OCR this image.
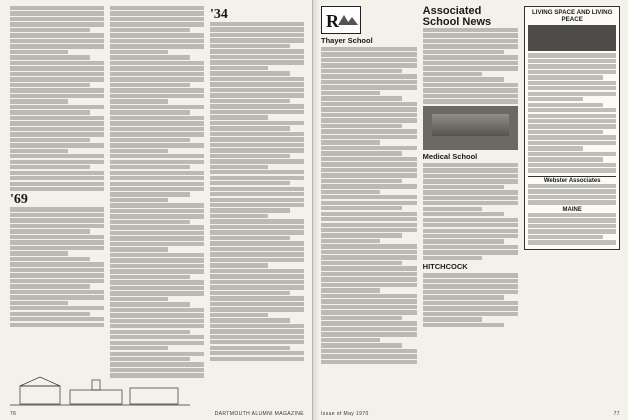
'69
'34
76	DARTMOUTH ALUMNI MAGAZINE
R
Thayer School
Associated
School News
Medical School
HITCHCOCK
LIVING SPACE AND LIVING PEACE
Webster Associates
MAINE
Issue of May 1970	77
